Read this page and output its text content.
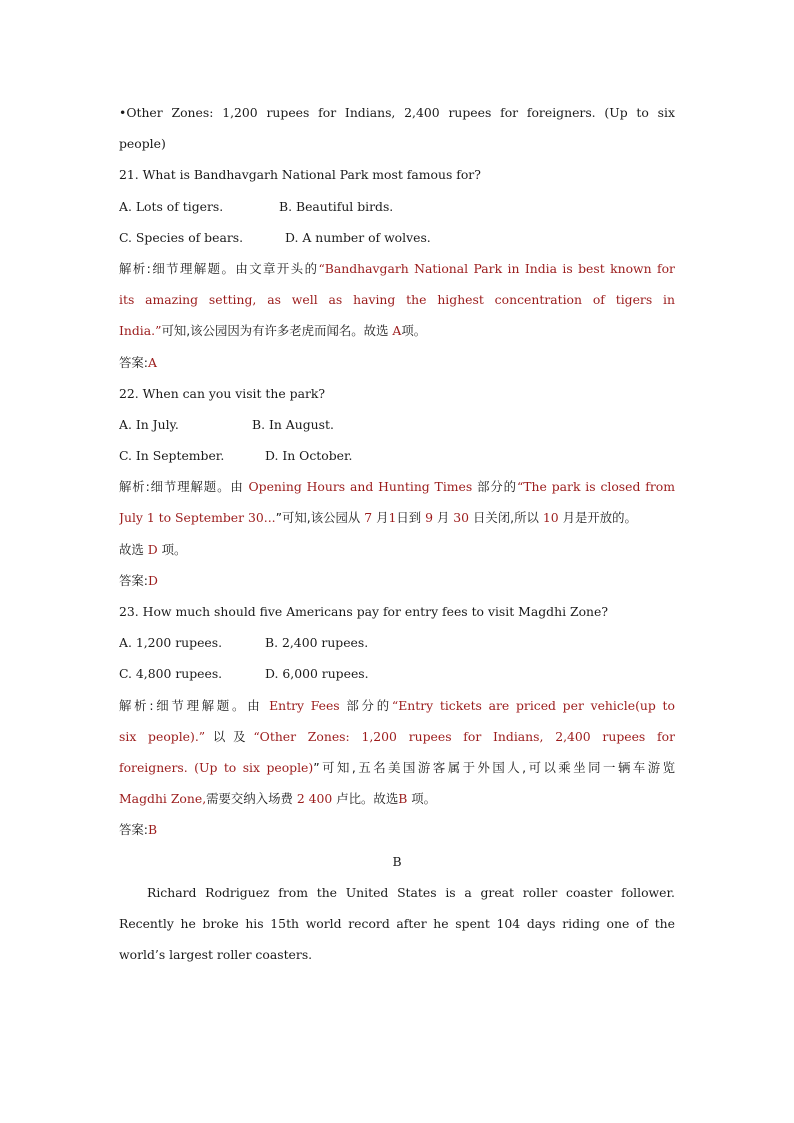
•Other Zones: 1,200 rupees for Indians, 2,400 rupees for foreigners. (Up to six
people)
21. What is Bandhavgarh National Park most famous for?
A. Lots of tigers.	B. Beautiful birds.
C. Species of bears.	D. A number of wolves.
解析:细节理解题。由文章开头的“Bandhavgarh National Park in India is best known for
its amazing setting, as well as having the highest concentration of tigers in
India.”可知,该公园因为有许多老虎而闻名。故选 A项。
答案:A
22. When can you visit the park?
A. In July.	B. In August.
C. In September.	D. In October.
解析:细节理解题。由 Opening Hours and Hunting Times 部分的“The park is closed from
July 1 to September 30...”可知,该公园从 7 月1日到 9 月 30 日关闭,所以 10 月是开放的。
故选 D 项。
答案:D
23. How much should five Americans pay for entry fees to visit Magdhi Zone?
A. 1,200 rupees.	B. 2,400 rupees.
C. 4,800 rupees.	D. 6,000 rupees.
解析:细节理解题。由 Entry Fees 部分的“Entry tickets are priced per vehicle(up to
six people).”以及“Other Zones: 1,200 rupees for Indians, 2,400 rupees for
foreigners. (Up to six people)”可知,五名美国游客属于外国人,可以乘坐同一辆车游览
Magdhi Zone,需要交纳入场费 2 400 卢比。故选B 项。
答案:B
B
Richard Rodriguez from the United States is a great roller coaster follower.
Recently he broke his 15th world record after he spent 104 days riding one of the
world’s largest roller coasters.
